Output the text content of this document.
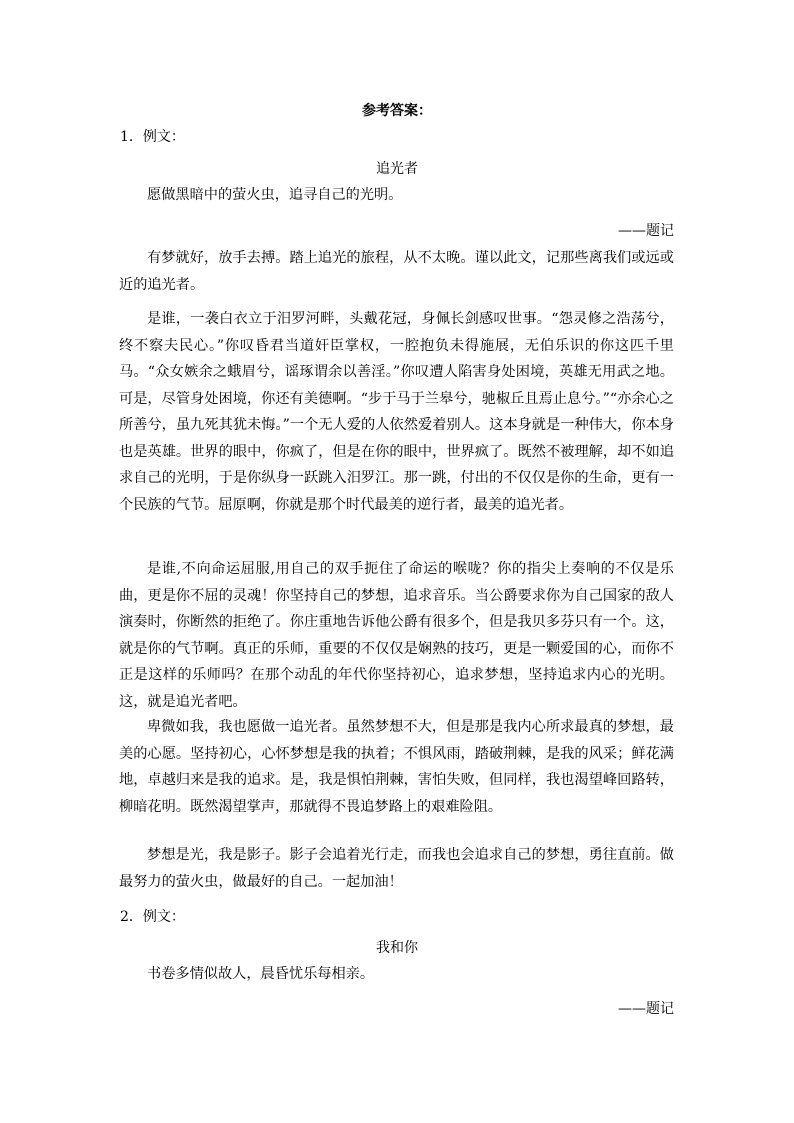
参考答案：
1．例文：
追光者

愿做黑暗中的萤火虫，追寻自己的光明。

——题记

有梦就好，放手去搏。踏上追光的旅程，从不太晚。谨以此文，记那些离我们或远或近的追光者。

是谁，一袭白衣立于汨罗河畔，头戴花冠，身佩长剑感叹世事。“怨灵修之浩荡兮，终不察夫民心。”你叹昏君当道奸臣掌权，一腔抱负未得施展，无伯乐识的你这匹千里马。“众女嫉余之蛾眉兮，谣琢谓余以善淫。”你叹遭人陷害身处困境，英雄无用武之地。可是，尽管身处困境，你还有美德啊。“步于马于兰皋兮，驰椒丘且焉止息兮。”“亦余心之所善兮，虽九死其犹未悔。”一个无人爱的人依然爱着别人。这本身就是一种伟大，你本身也是英雄。世界的眼中，你疯了，但是在你的眼中，世界疯了。既然不被理解，却不如追求自己的光明，于是你纵身一跃跳入汨罗江。那一跳，付出的不仅仅是你的生命，更有一个民族的气节。屈原啊，你就是那个时代最美的逆行者，最美的追光者。

是谁,不向命运屈服,用自己的双手扼住了命运的喉咙？你的指尖上奏响的不仅是乐曲，更是你不屈的灵魂！你坚持自己的梦想，追求音乐。当公爵要求你为自己国家的敌人演奏时，你断然的拒绝了。你庄重地告诉他公爵有很多个，但是我贝多芬只有一个。这，就是你的气节啊。真正的乐师，重要的不仅仅是娴熟的技巧，更是一颗爱国的心，而你不正是这样的乐师吗？在那个动乱的年代你坚持初心，追求梦想，坚持追求内心的光明。这，就是追光者吧。

卑微如我，我也愿做一追光者。虽然梦想不大，但是那是我内心所求最真的梦想，最美的心愿。坚持初心，心怀梦想是我的执着；不惧风雨，踏破荆棘，是我的风采；鲜花满地，卓越归来是我的追求。是，我是惧怕荆棘，害怕失败，但同样，我也渴望峰回路转，柳暗花明。既然渴望掌声，那就得不畏追梦路上的艰难险阻。

梦想是光，我是影子。影子会追着光行走，而我也会追求自己的梦想，勇往直前。做最努力的萤火虫，做最好的自己。一起加油！

2．例文：
我和你

书卷多情似故人，晨昏忧乐每相亲。

——题记
